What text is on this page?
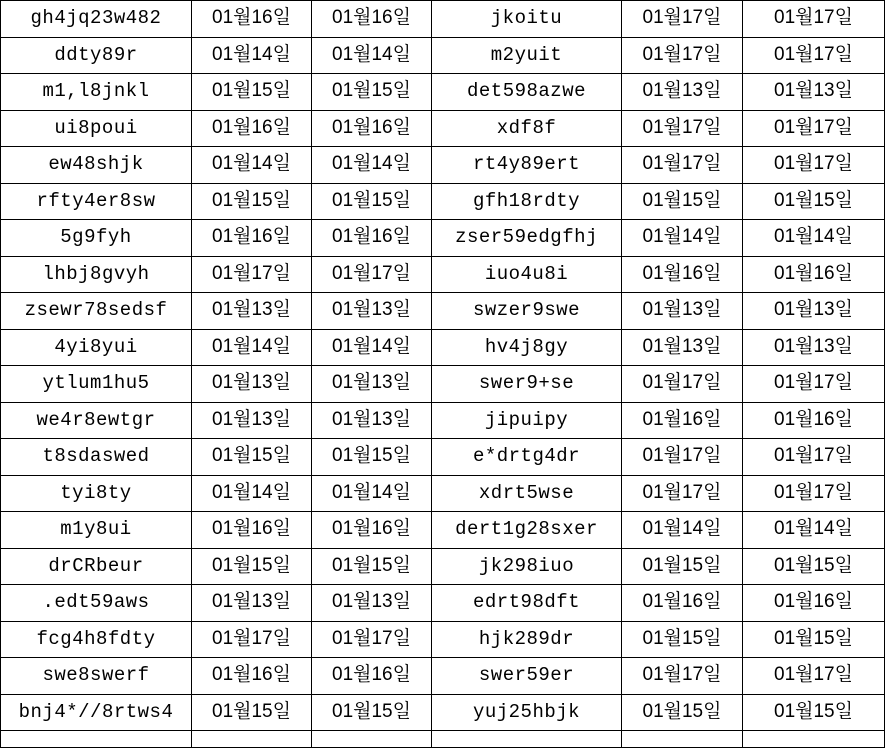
gh4jq23w482	01월16일	01월16일	jkoitu	01월17일	01월17일
ddty89r	01월14일	01월14일	m2yuit	01월17일	01월17일
m1,l8jnkl	01월15일	01월15일	det598azwe	01월13일	01월13일
ui8poui	01월16일	01월16일	xdf8f	01월17일	01월17일
ew48shjk	01월14일	01월14일	rt4y89ert	01월17일	01월17일
rfty4er8sw	01월15일	01월15일	gfh18rdty	01월15일	01월15일
5g9fyh	01월16일	01월16일	zser59edgfhj	01월14일	01월14일
lhbj8gvyh	01월17일	01월17일	iuo4u8i	01월16일	01월16일
zsewr78sedsf	01월13일	01월13일	swzer9swe	01월13일	01월13일
4yi8yui	01월14일	01월14일	hv4j8gy	01월13일	01월13일
ytlum1hu5	01월13일	01월13일	swer9+se	01월17일	01월17일
we4r8ewtgr	01월13일	01월13일	jipuipy	01월16일	01월16일
t8sdaswed	01월15일	01월15일	e*drtg4dr	01월17일	01월17일
tyi8ty	01월14일	01월14일	xdrt5wse	01월17일	01월17일
m1y8ui	01월16일	01월16일	dert1g28sxer	01월14일	01월14일
drCRbeur	01월15일	01월15일	jk298iuo	01월15일	01월15일
.edt59aws	01월13일	01월13일	edrt98dft	01월16일	01월16일
fcg4h8fdty	01월17일	01월17일	hjk289dr	01월15일	01월15일
swe8swerf	01월16일	01월16일	swer59er	01월17일	01월17일
bnj4*//8rtws4	01월15일	01월15일	yuj25hbjk	01월15일	01월15일
